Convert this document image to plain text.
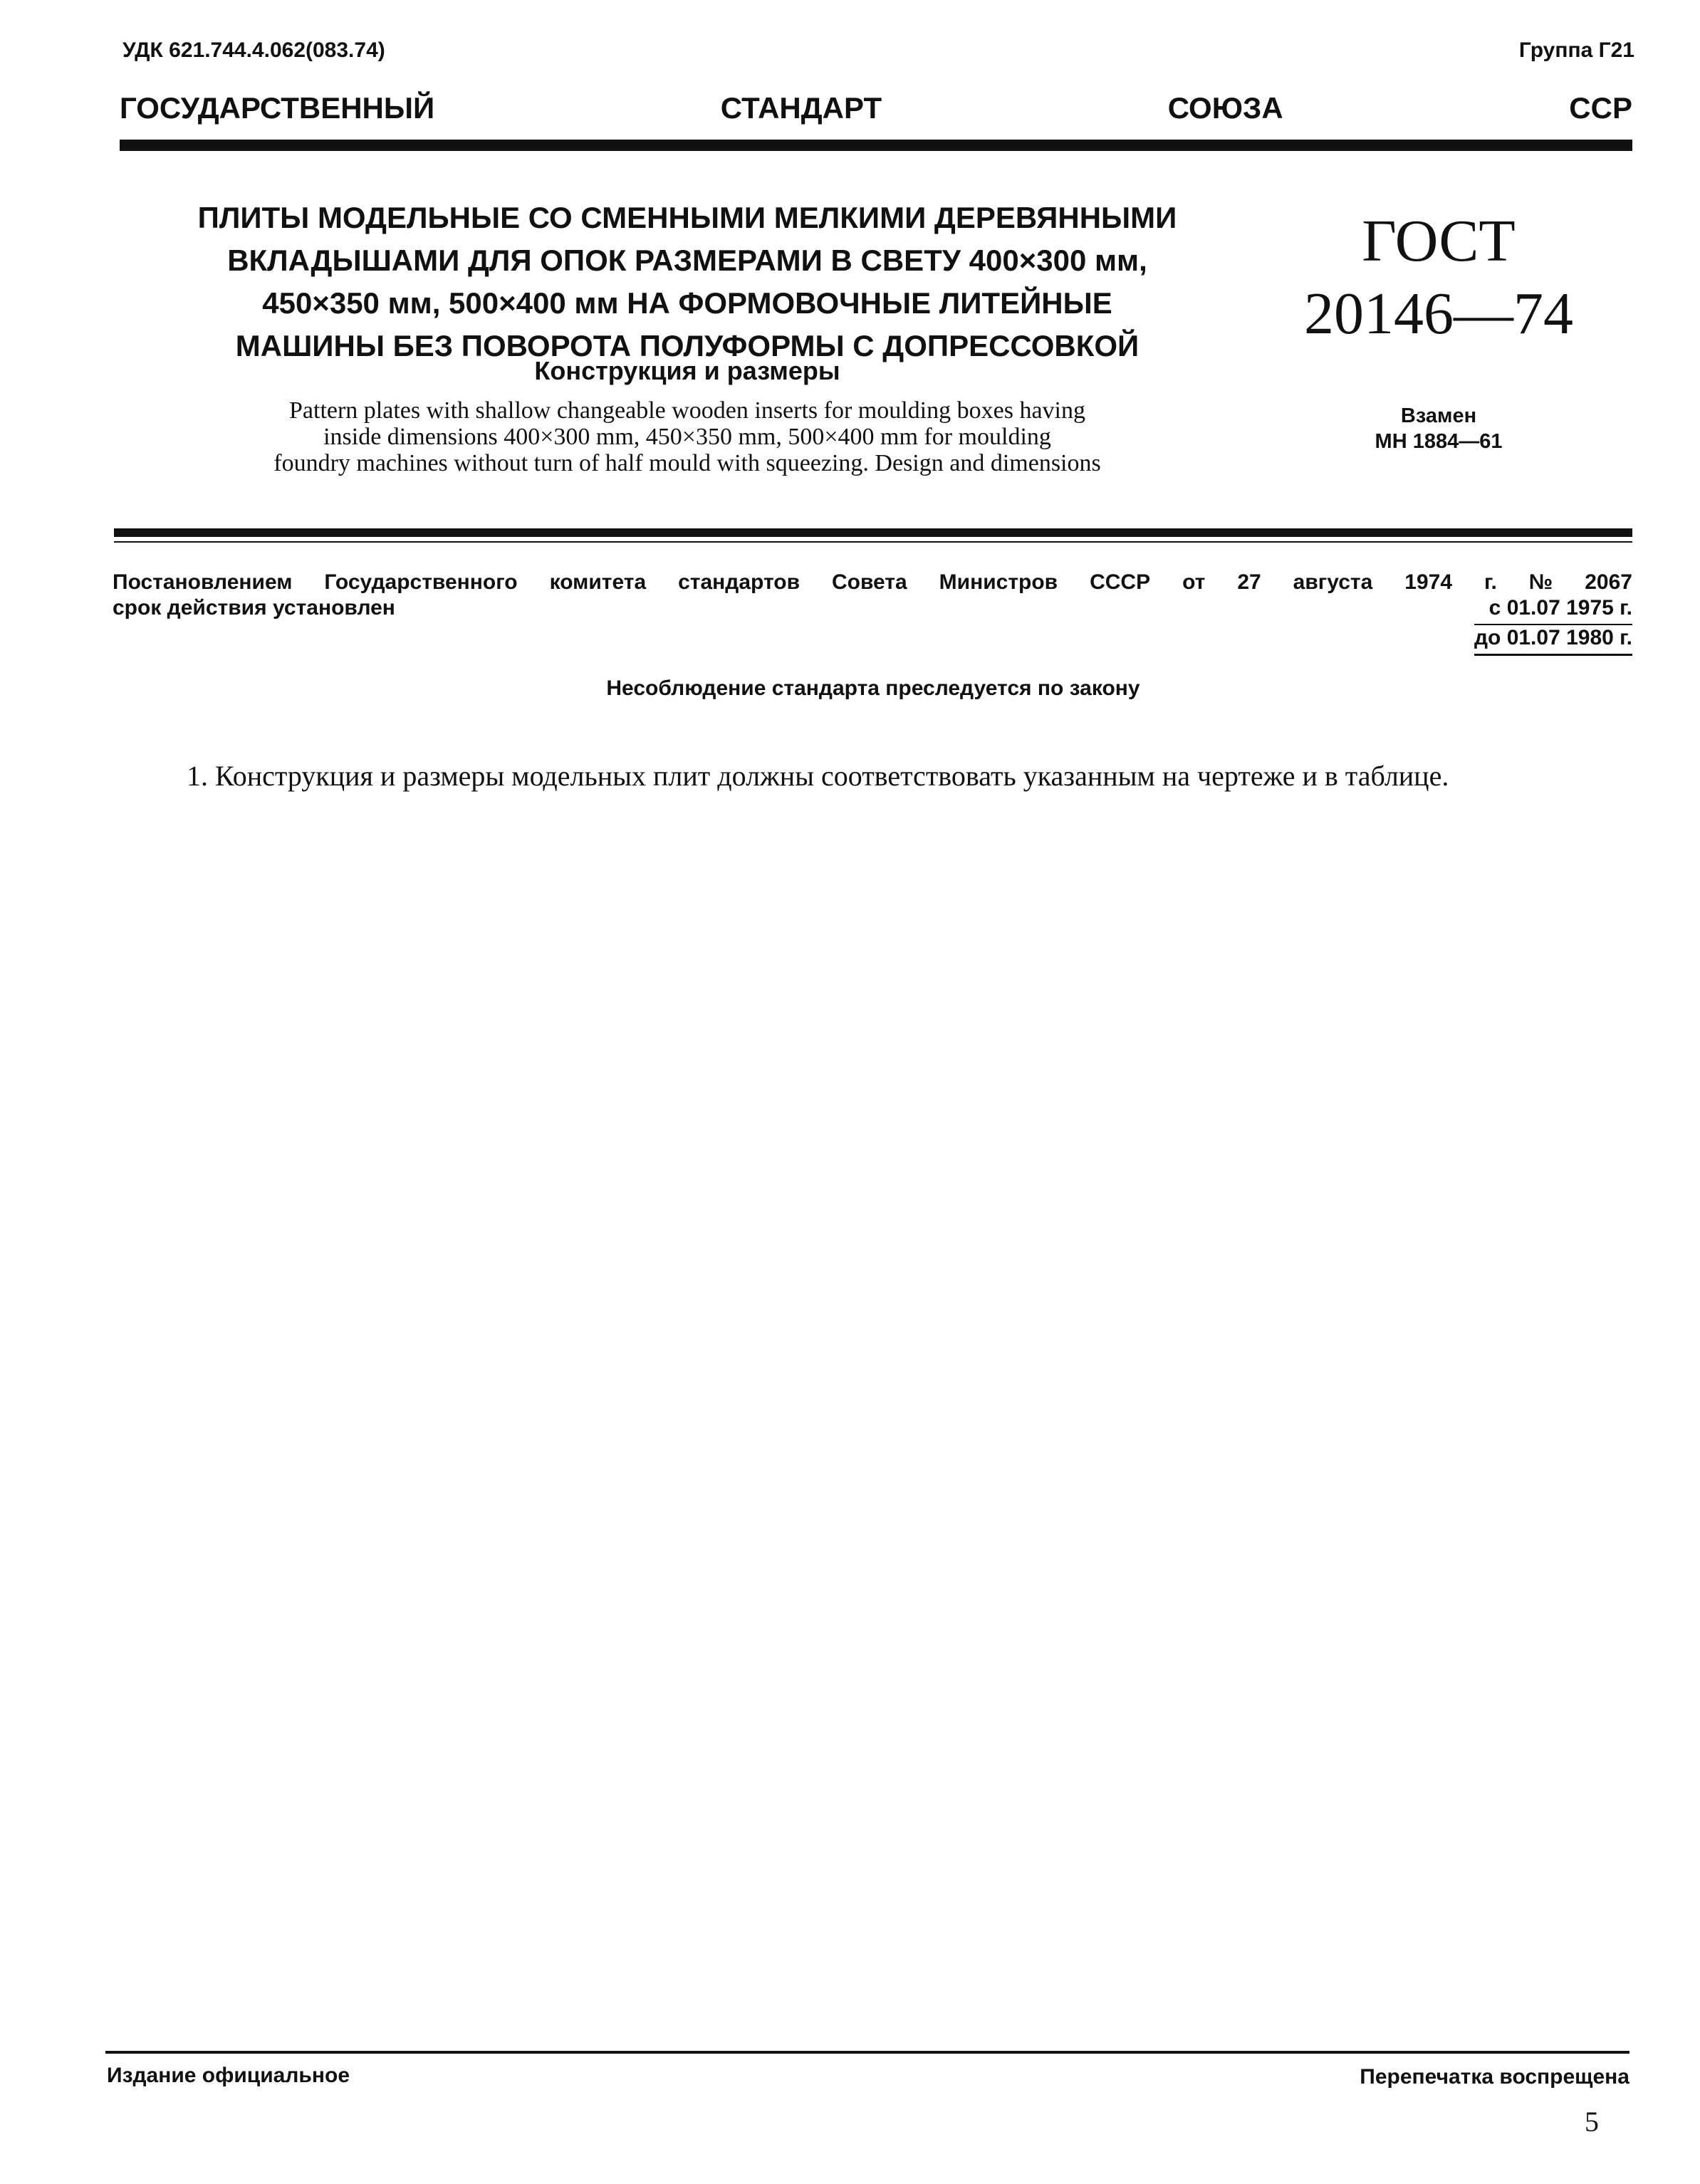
УДК 621.744.4.062(083.74)	Группа Г21
ГОСУДАРСТВЕННЫЙ	СТАНДАРТ	СОЮЗА	ССР
ПЛИТЫ МОДЕЛЬНЫЕ СО СМЕННЫМИ МЕЛКИМИ ДЕРЕВЯННЫМИ
ВКЛАДЫШАМИ ДЛЯ ОПОК РАЗМЕРАМИ В СВЕТУ 400×300 мм,
450×350 мм, 500×400 мм НА ФОРМОВОЧНЫЕ ЛИТЕЙНЫЕ
МАШИНЫ БЕЗ ПОВОРОТА ПОЛУФОРМЫ С ДОПРЕССОВКОЙ
Конструкция и размеры
Pattern plates with shallow changeable wooden inserts for moulding boxes having
inside dimensions 400×300 mm, 450×350 mm, 500×400 mm for moulding
foundry machines without turn of half mould with squeezing. Design and dimensions
ГОСТ
20146—74
Взамен
МН 1884—61
Постановлением Государственного комитета стандартов Совета Министров СССР от 27 августа 1974 г. № 2067
срок действия установлен	с 01.07 1975 г.
до 01.07 1980 г.
Несоблюдение стандарта преследуется по закону
1. Конструкция и размеры модельных плит должны соответствовать указанным на чертеже и в таблице.
Издание официальное	Перепечатка воспрещена
5
